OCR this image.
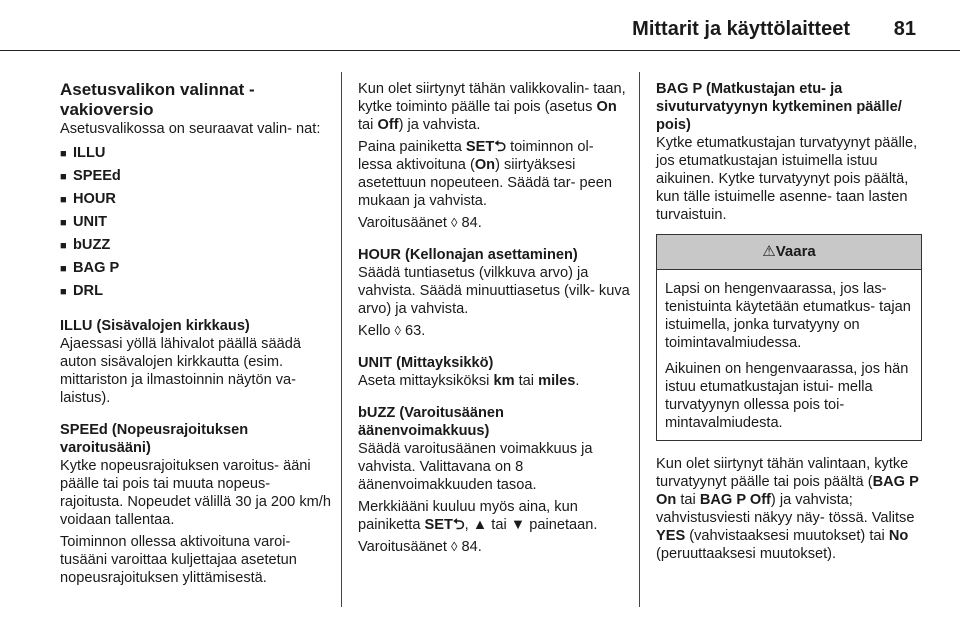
Mittarit ja käyttölaitteet 81

Asetusvalikon valinnat - vakioversio

Asetusvalikossa on seuraavat valin- nat:

■ ILLU
■ SPEEd
■ HOUR
■ UNIT
■ bUZZ
■ BAG P
■ DRL

ILLU (Sisävalojen kirkkaus)

Ajaessasi yöllä lähivalot päällä säädä auton sisävalojen kirkkautta (esim. mittariston ja ilmastoinnin näytön va- laistus).

SPEEd (Nopeusrajoituksen varoitusääni)

Kytke nopeusrajoituksen varoitus- ääni päälle tai pois tai muuta nopeus- rajoitusta. Nopeudet välillä 30 ja 200 km/h voidaan tallentaa.

Toiminnon ollessa aktivoituna varoi- tusääni varoittaa kuljettajaa asetetun nopeusrajoituksen ylittämisestä.

Kun olet siirtynyt tähän valikkovalin- taan, kytke toiminto päälle tai pois (asetus On tai Off) ja vahvista.

Paina painiketta SET⮌ toiminnon ol- lessa aktivoituna (On) siirtyäksesi asetettuun nopeuteen. Säädä tar- peen mukaan ja vahvista.

Varoitusäänet ◊ 84.

HOUR (Kellonajan asettaminen)

Säädä tuntiasetus (vilkkuva arvo) ja vahvista. Säädä minuuttiasetus (vilk- kuva arvo) ja vahvista.

Kello ◊ 63.

UNIT (Mittayksikkö)

Aseta mittayksiköksi km tai miles.

bUZZ (Varoitusäänen äänenvoimakkuus)

Säädä varoitusäänen voimakkuus ja vahvista. Valittavana on 8 äänenvoimakkuuden tasoa.

Merkkiääni kuuluu myös aina, kun painiketta SET⮌, ▲ tai ▼ painetaan.

Varoitusäänet ◊ 84.

BAG P (Matkustajan etu- ja sivuturvatyynyn kytkeminen päälle/ pois)

Kytke etumatkustajan turvatyynyt päälle, jos etumatkustajan istuimella istuu aikuinen. Kytke turvatyynyt pois päältä, kun tälle istuimelle asenne- taan lasten turvaistuin.

⚠Vaara

Lapsi on hengenvaarassa, jos las- tenistuinta käytetään etumatkus- tajan istuimella, jonka turvatyyny on toimintavalmiudessa.

Aikuinen on hengenvaarassa, jos hän istuu etumatkustajan istui- mella turvatyynyn ollessa pois toi- mintavalmiudesta.

Kun olet siirtynyt tähän valintaan, kytke turvatyynyt päälle tai pois päältä (BAG P On tai BAG P Off) ja vahvista; vahvistusviesti näkyy näy- tössä. Valitse YES (vahvistaaksesi muutokset) tai No (peruuttaaksesi muutokset).
